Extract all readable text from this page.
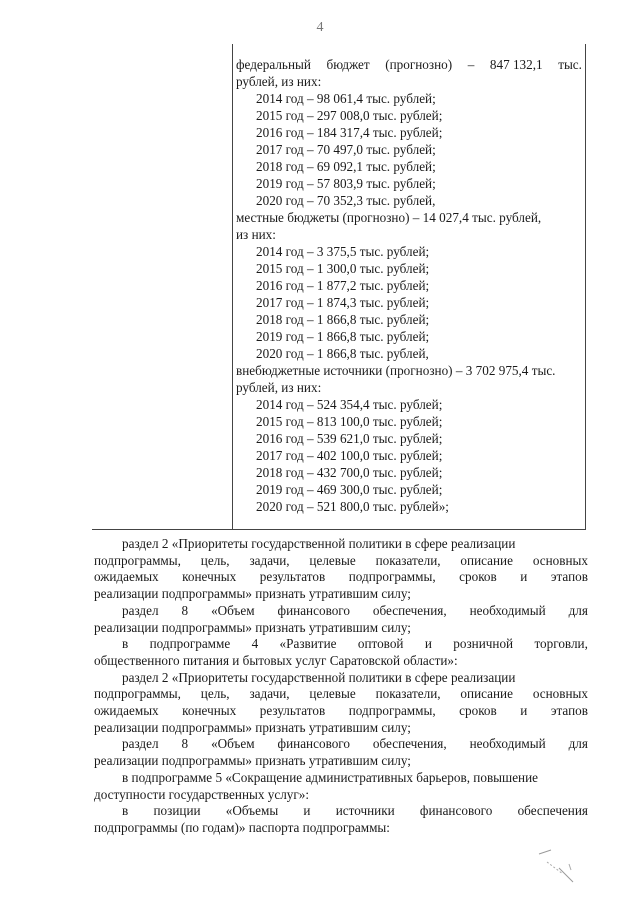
4
федеральный бюджет (прогнозно) – 847 132,1 тыс.
рублей, из них:
2014 год – 98 061,4 тыс. рублей;
2015 год – 297 008,0 тыс. рублей;
2016 год – 184 317,4 тыс. рублей;
2017 год – 70 497,0 тыс. рублей;
2018 год – 69 092,1 тыс. рублей;
2019 год – 57 803,9 тыс. рублей;
2020 год – 70 352,3 тыс. рублей,
местные бюджеты (прогнозно) – 14 027,4 тыс. рублей,
из них:
2014 год – 3 375,5 тыс. рублей;
2015 год – 1 300,0 тыс. рублей;
2016 год – 1 877,2 тыс. рублей;
2017 год – 1 874,3 тыс. рублей;
2018 год – 1 866,8 тыс. рублей;
2019 год – 1 866,8 тыс. рублей;
2020 год – 1 866,8 тыс. рублей,
внебюджетные источники (прогнозно) – 3 702 975,4 тыс.
рублей, из них:
2014 год – 524 354,4 тыс. рублей;
2015 год – 813 100,0 тыс. рублей;
2016 год – 539 621,0 тыс. рублей;
2017 год – 402 100,0 тыс. рублей;
2018 год – 432 700,0 тыс. рублей;
2019 год – 469 300,0 тыс. рублей;
2020 год – 521 800,0 тыс. рублей»;
раздел 2 «Приоритеты государственной политики в сфере реализации
подпрограммы, цель, задачи, целевые показатели, описание основных
ожидаемых конечных результатов подпрограммы, сроков и этапов
реализации подпрограммы» признать утратившим силу;
раздел 8 «Объем финансового обеспечения, необходимый для
реализации подпрограммы» признать утратившим силу;
в подпрограмме 4 «Развитие оптовой и розничной торговли,
общественного питания и бытовых услуг Саратовской области»:
раздел 2 «Приоритеты государственной политики в сфере реализации
подпрограммы, цель, задачи, целевые показатели, описание основных
ожидаемых конечных результатов подпрограммы, сроков и этапов
реализации подпрограммы» признать утратившим силу;
раздел 8 «Объем финансового обеспечения, необходимый для
реализации подпрограммы» признать утратившим силу;
в подпрограмме 5 «Сокращение административных барьеров, повышение
доступности государственных услуг»:
в позиции «Объемы и источники финансового обеспечения
подпрограммы (по годам)» паспорта подпрограммы:
